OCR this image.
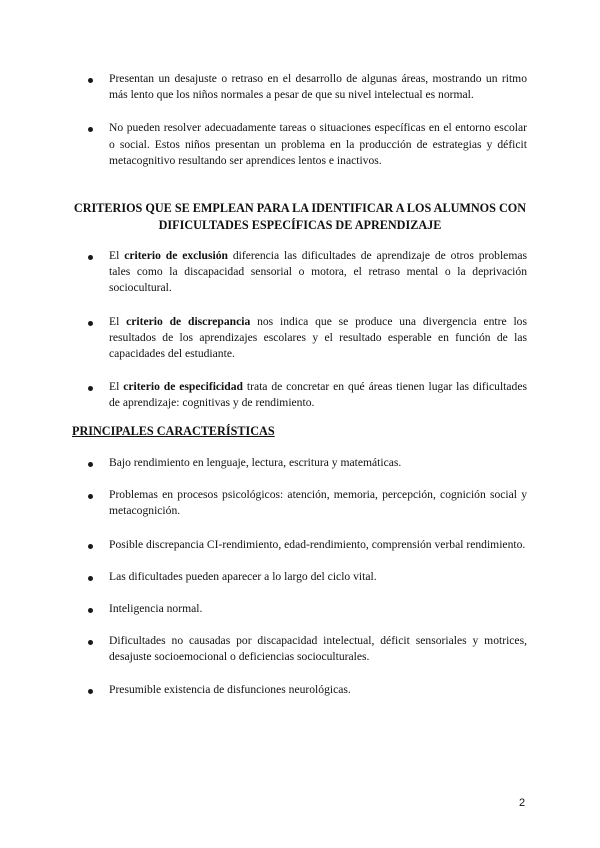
Presentan un desajuste o retraso en el desarrollo de algunas áreas, mostrando un ritmo más lento que los niños normales a pesar de que su nivel intelectual es normal.
No pueden resolver adecuadamente tareas o situaciones específicas en el entorno escolar o social. Estos niños presentan un problema en la producción de estrategias y déficit metacognitivo resultando ser aprendices lentos e inactivos.
CRITERIOS QUE SE EMPLEAN PARA LA IDENTIFICAR A LOS ALUMNOS CON DIFICULTADES ESPECÍFICAS DE APRENDIZAJE
El criterio de exclusión diferencia las dificultades de aprendizaje de otros problemas tales como la discapacidad sensorial o motora, el retraso mental o la deprivación sociocultural.
El criterio de discrepancia nos indica que se produce una divergencia entre los resultados de los aprendizajes escolares y el resultado esperable en función de las capacidades del estudiante.
El criterio de especificidad trata de concretar en qué áreas tienen lugar las dificultades de aprendizaje: cognitivas y de rendimiento.
PRINCIPALES CARACTERÍSTICAS
Bajo rendimiento en lenguaje, lectura, escritura y matemáticas.
Problemas en procesos psicológicos: atención, memoria, percepción, cognición social y metacognición.
Posible discrepancia CI-rendimiento, edad-rendimiento, comprensión verbal rendimiento.
Las dificultades pueden aparecer a lo largo del ciclo vital.
Inteligencia normal.
Dificultades no causadas por discapacidad intelectual, déficit sensoriales y motrices, desajuste socioemocional o deficiencias socioculturales.
Presumible existencia de disfunciones neurológicas.
2
